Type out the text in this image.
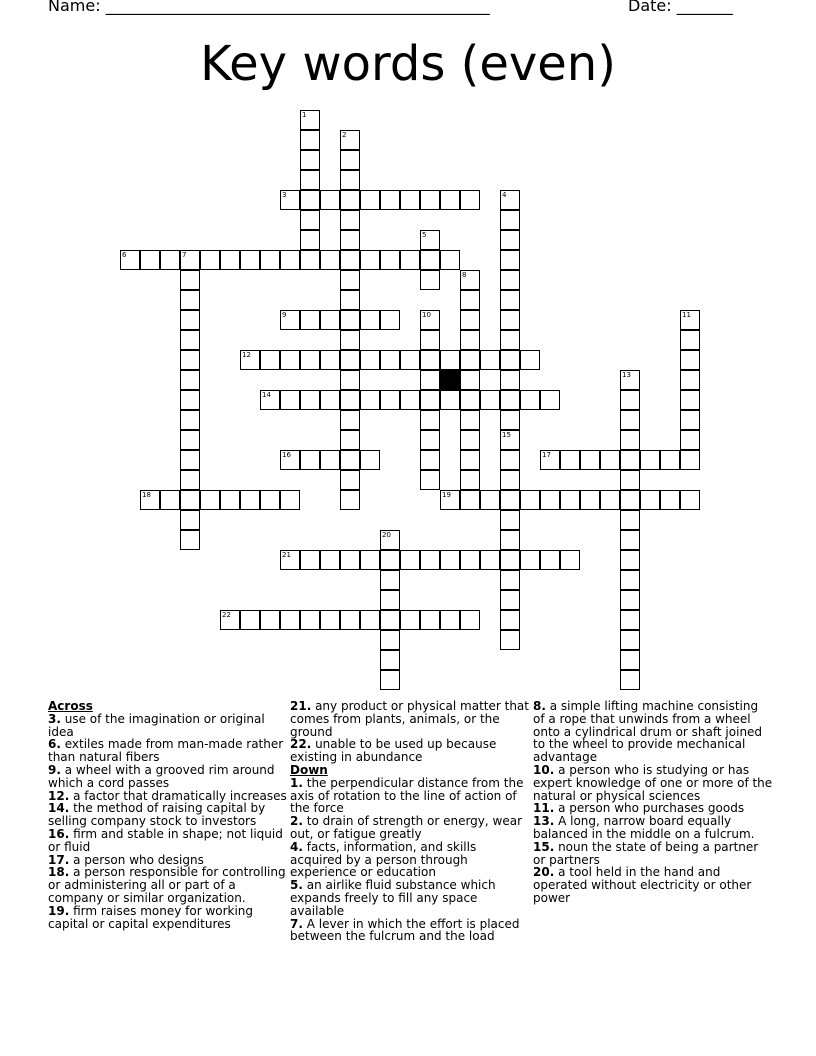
Name: ________________________________________________	Date: _______
Key words (even)
1
2
3	4
5
6	7
8
9	10	11
12
13
14
15
16	17
18	19
20
21
22
Across
3. use of the imagination or original idea
6. extiles made from man-made rather than natural fibers
9. a wheel with a grooved rim around which a cord passes
12. a factor that dramatically increases
14. the method of raising capital by selling company stock to investors
16. firm and stable in shape; not liquid or fluid
17. a person who designs
18. a person responsible for controlling or administering all or part of a company or similar organization.
19. firm raises money for working capital or capital expenditures
21. any product or physical matter that comes from plants, animals, or the ground
22. unable to be used up because existing in abundance
Down
1. the perpendicular distance from the axis of rotation to the line of action of the force
2. to drain of strength or energy, wear out, or fatigue greatly
4. facts, information, and skills acquired by a person through experience or education
5. an airlike fluid substance which expands freely to fill any space available
7. A lever in which the effort is placed between the fulcrum and the load
8. a simple lifting machine consisting of a rope that unwinds from a wheel onto a cylindrical drum or shaft joined to the wheel to provide mechanical advantage
10. a person who is studying or has expert knowledge of one or more of the natural or physical sciences
11. a person who purchases goods
13. A long, narrow board equally balanced in the middle on a fulcrum.
15. noun the state of being a partner or partners
20. a tool held in the hand and operated without electricity or other power
